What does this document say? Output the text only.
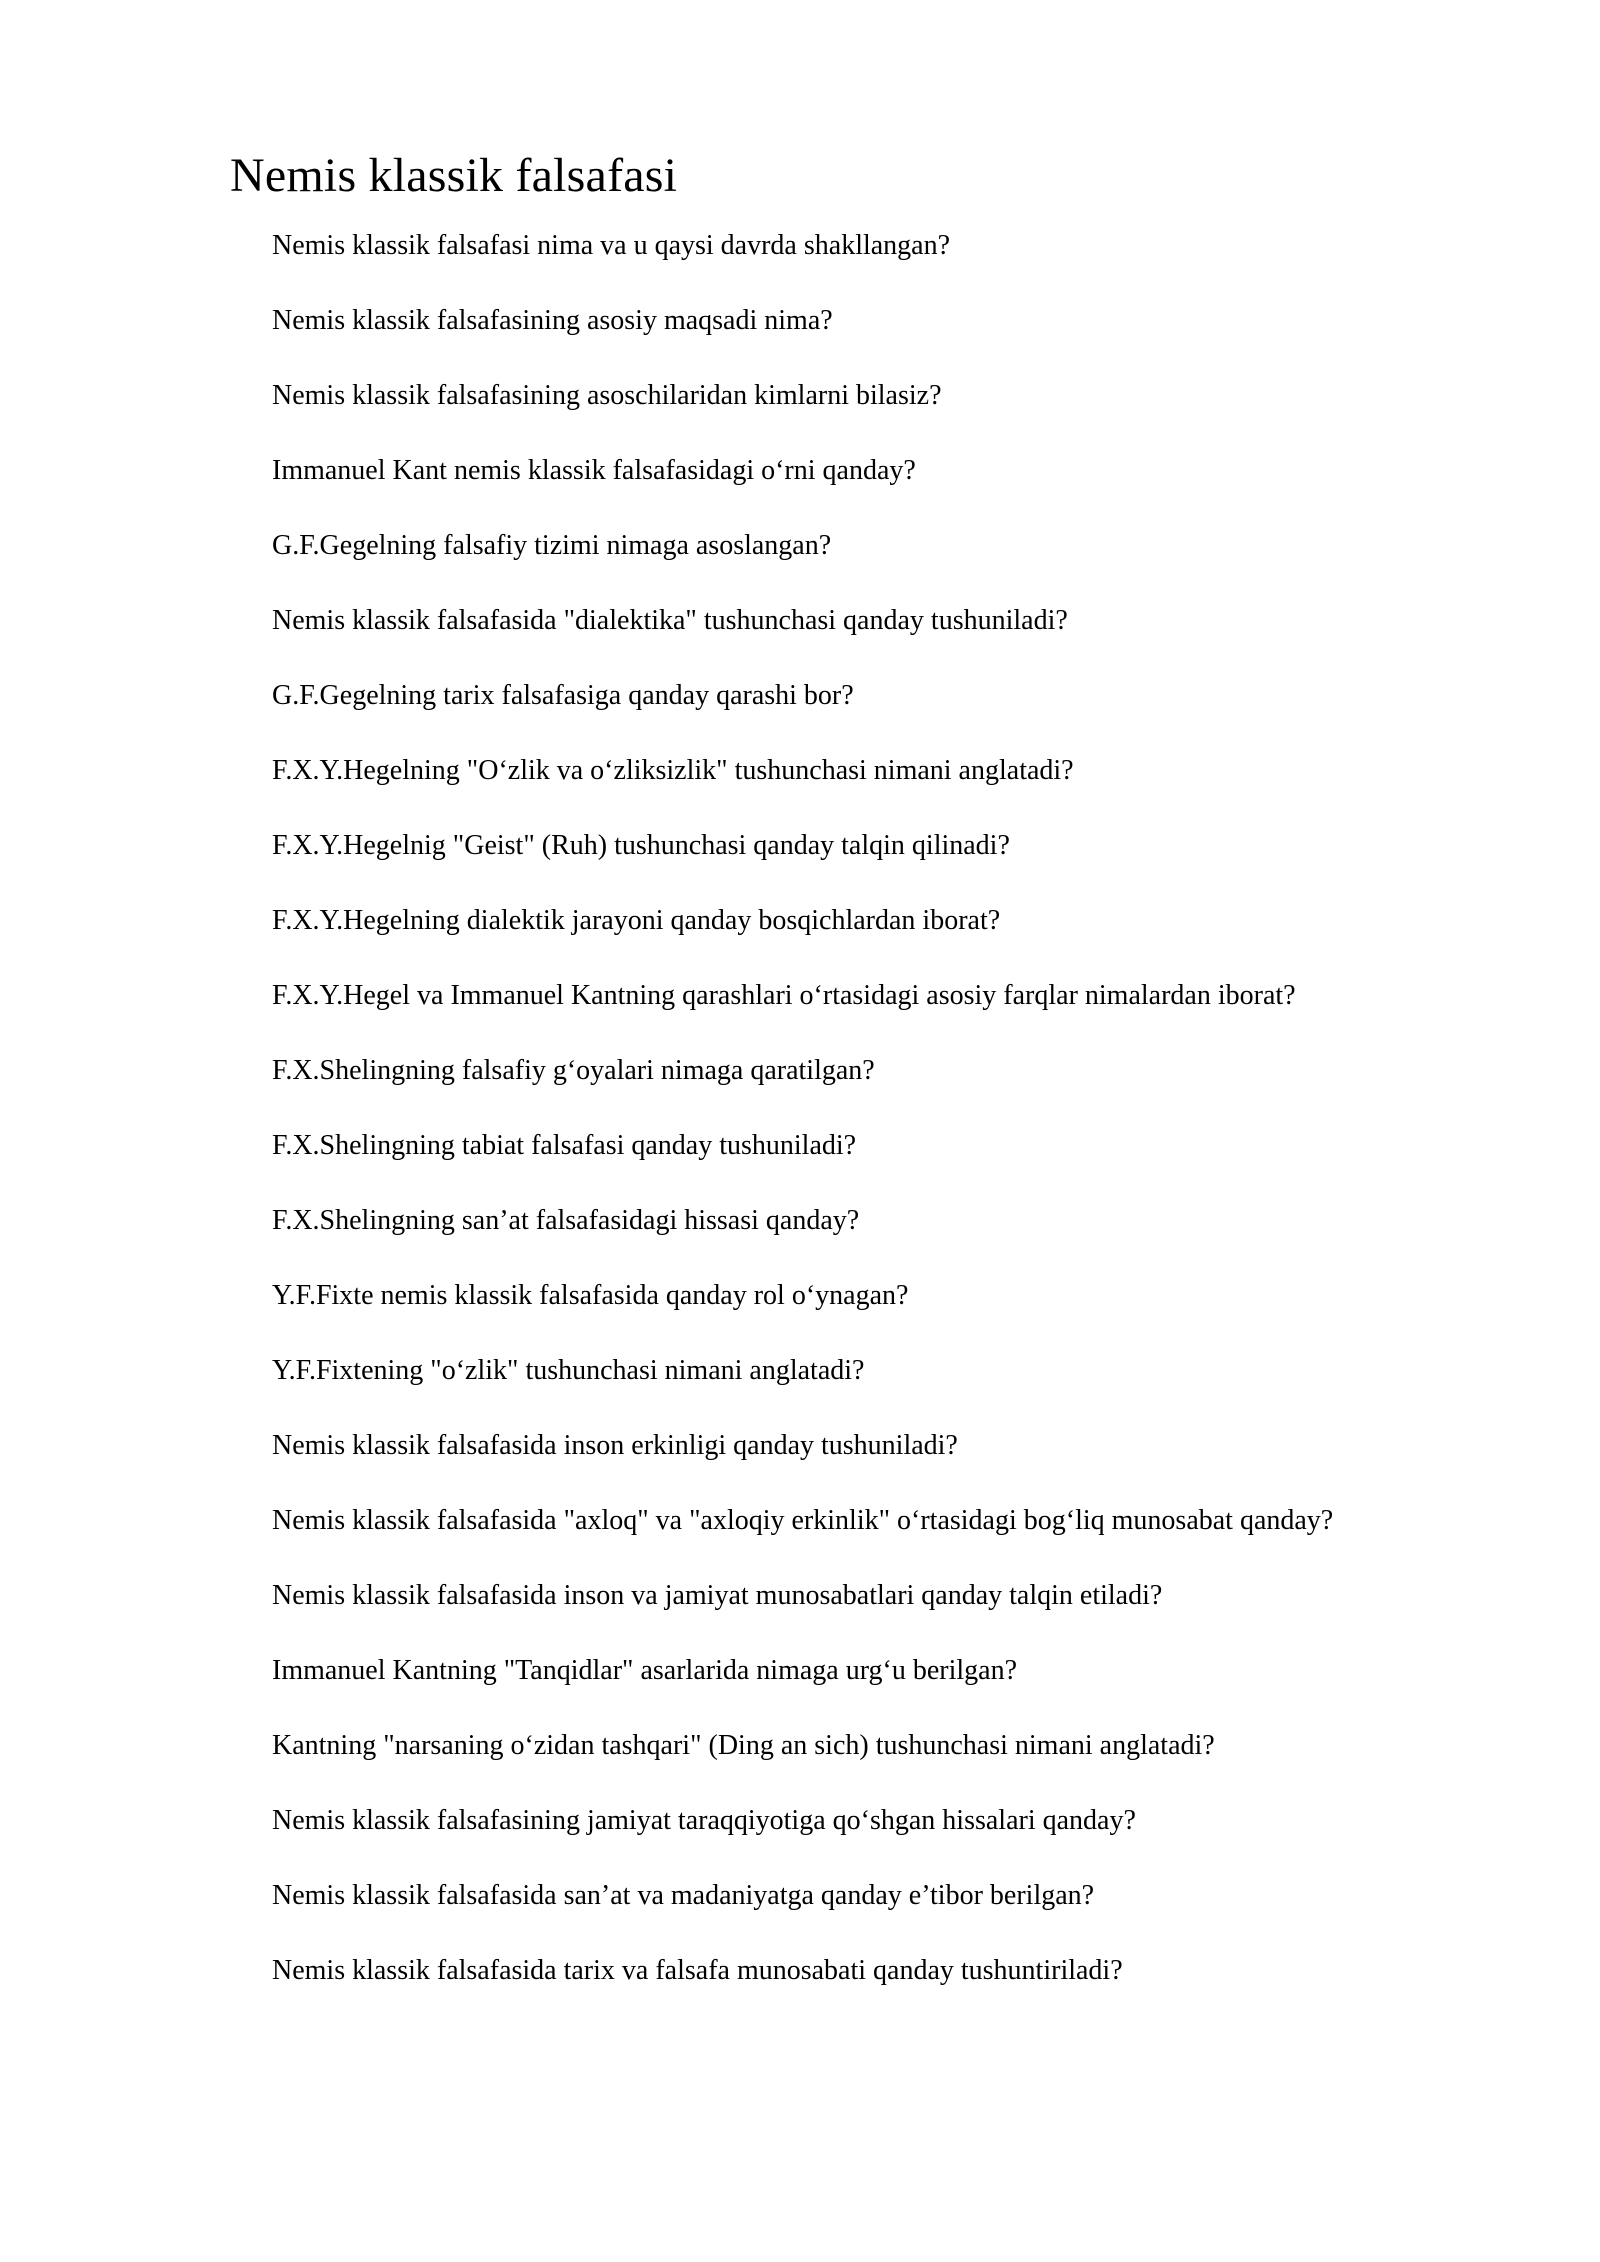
Nemis klassik falsafasi

Nemis klassik falsafasi nima va u qaysi davrda shakllangan?

Nemis klassik falsafasining asosiy maqsadi nima?

Nemis klassik falsafasining asoschilaridan kimlarni bilasiz?

Immanuel Kant nemis klassik falsafasidagi o‘rni qanday?

G.F.Gegelning falsafiy tizimi nimaga asoslangan?

Nemis klassik falsafasida "dialektika" tushunchasi qanday tushuniladi?

G.F.Gegelning tarix falsafasiga qanday qarashi bor?

F.X.Y.Hegelning "O‘zlik va o‘zliksizlik" tushunchasi nimani anglatadi?

F.X.Y.Hegelnig "Geist" (Ruh) tushunchasi qanday talqin qilinadi?

F.X.Y.Hegelning dialektik jarayoni qanday bosqichlardan iborat?

F.X.Y.Hegel va Immanuel Kantning qarashlari o‘rtasidagi asosiy farqlar nimalardan iborat?

F.X.Shelingning falsafiy g‘oyalari nimaga qaratilgan?

F.X.Shelingning tabiat falsafasi qanday tushuniladi?

F.X.Shelingning san’at falsafasidagi hissasi qanday?

Y.F.Fixte nemis klassik falsafasida qanday rol o‘ynagan?

Y.F.Fixtening "o‘zlik" tushunchasi nimani anglatadi?

Nemis klassik falsafasida inson erkinligi qanday tushuniladi?

Nemis klassik falsafasida "axloq" va "axloqiy erkinlik" o‘rtasidagi bog‘liq munosabat qanday?

Nemis klassik falsafasida inson va jamiyat munosabatlari qanday talqin etiladi?

Immanuel Kantning "Tanqidlar" asarlarida nimaga urg‘u berilgan?

Kantning "narsaning o‘zidan tashqari" (Ding an sich) tushunchasi nimani anglatadi?

Nemis klassik falsafasining jamiyat taraqqiyotiga qo‘shgan hissalari qanday?

Nemis klassik falsafasida san’at va madaniyatga qanday e’tibor berilgan?

Nemis klassik falsafasida tarix va falsafa munosabati qanday tushuntiriladi?
